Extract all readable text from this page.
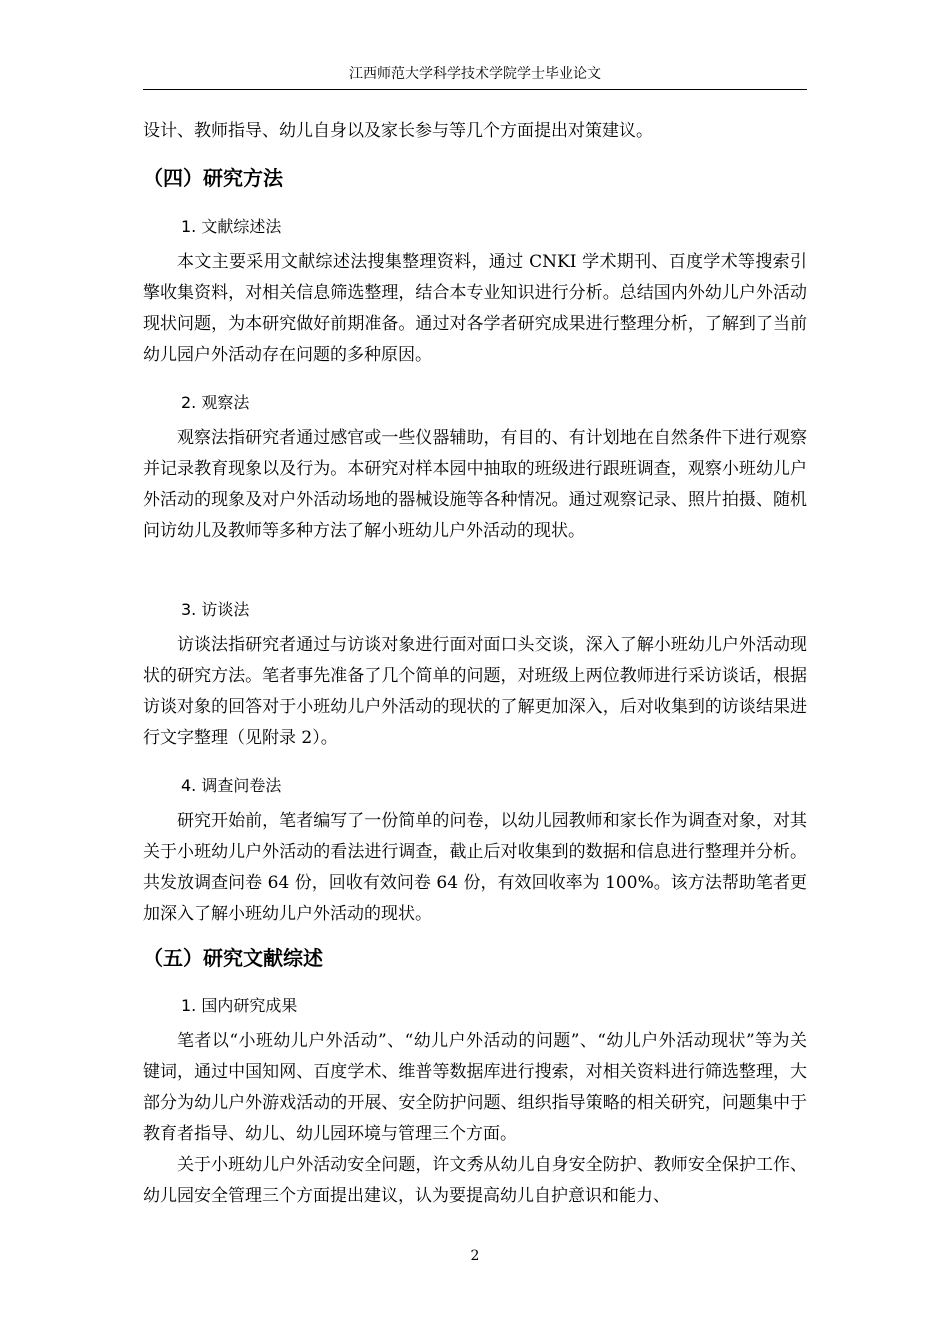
江西师范大学科学技术学院学士毕业论文

设计、教师指导、幼儿自身以及家长参与等几个方面提出对策建议。

（四）研究方法
1. 文献综述法

本文主要采用文献综述法搜集整理资料，通过 CNKI 学术期刊、百度学术等搜索引擎收集资料，对相关信息筛选整理，结合本专业知识进行分析。总结国内外幼儿户外活动现状问题，为本研究做好前期准备。通过对各学者研究成果进行整理分析，了解到了当前幼儿园户外活动存在问题的多种原因。

2. 观察法

观察法指研究者通过感官或一些仪器辅助，有目的、有计划地在自然条件下进行观察并记录教育现象以及行为。本研究对样本园中抽取的班级进行跟班调查，观察小班幼儿户外活动的现象及对户外活动场地的器械设施等各种情况。通过观察记录、照片拍摄、随机问访幼儿及教师等多种方法了解小班幼儿户外活动的现状。

3. 访谈法

访谈法指研究者通过与访谈对象进行面对面口头交谈，深入了解小班幼儿户外活动现状的研究方法。笔者事先准备了几个简单的问题，对班级上两位教师进行采访谈话，根据访谈对象的回答对于小班幼儿户外活动的现状的了解更加深入，后对收集到的访谈结果进行文字整理（见附录 2）。

4. 调查问卷法

研究开始前，笔者编写了一份简单的问卷，以幼儿园教师和家长作为调查对象，对其关于小班幼儿户外活动的看法进行调查，截止后对收集到的数据和信息进行整理并分析。共发放调查问卷 64 份，回收有效问卷 64 份，有效回收率为 100%。该方法帮助笔者更加深入了解小班幼儿户外活动的现状。

（五）研究文献综述
1. 国内研究成果

笔者以“小班幼儿户外活动”、“幼儿户外活动的问题”、“幼儿户外活动现状”等为关键词，通过中国知网、百度学术、维普等数据库进行搜索，对相关资料进行筛选整理，大部分为幼儿户外游戏活动的开展、安全防护问题、组织指导策略的相关研究，问题集中于教育者指导、幼儿、幼儿园环境与管理三个方面。

关于小班幼儿户外活动安全问题，许文秀从幼儿自身安全防护、教师安全保护工作、幼儿园安全管理三个方面提出建议，认为要提高幼儿自护意识和能力、

2
